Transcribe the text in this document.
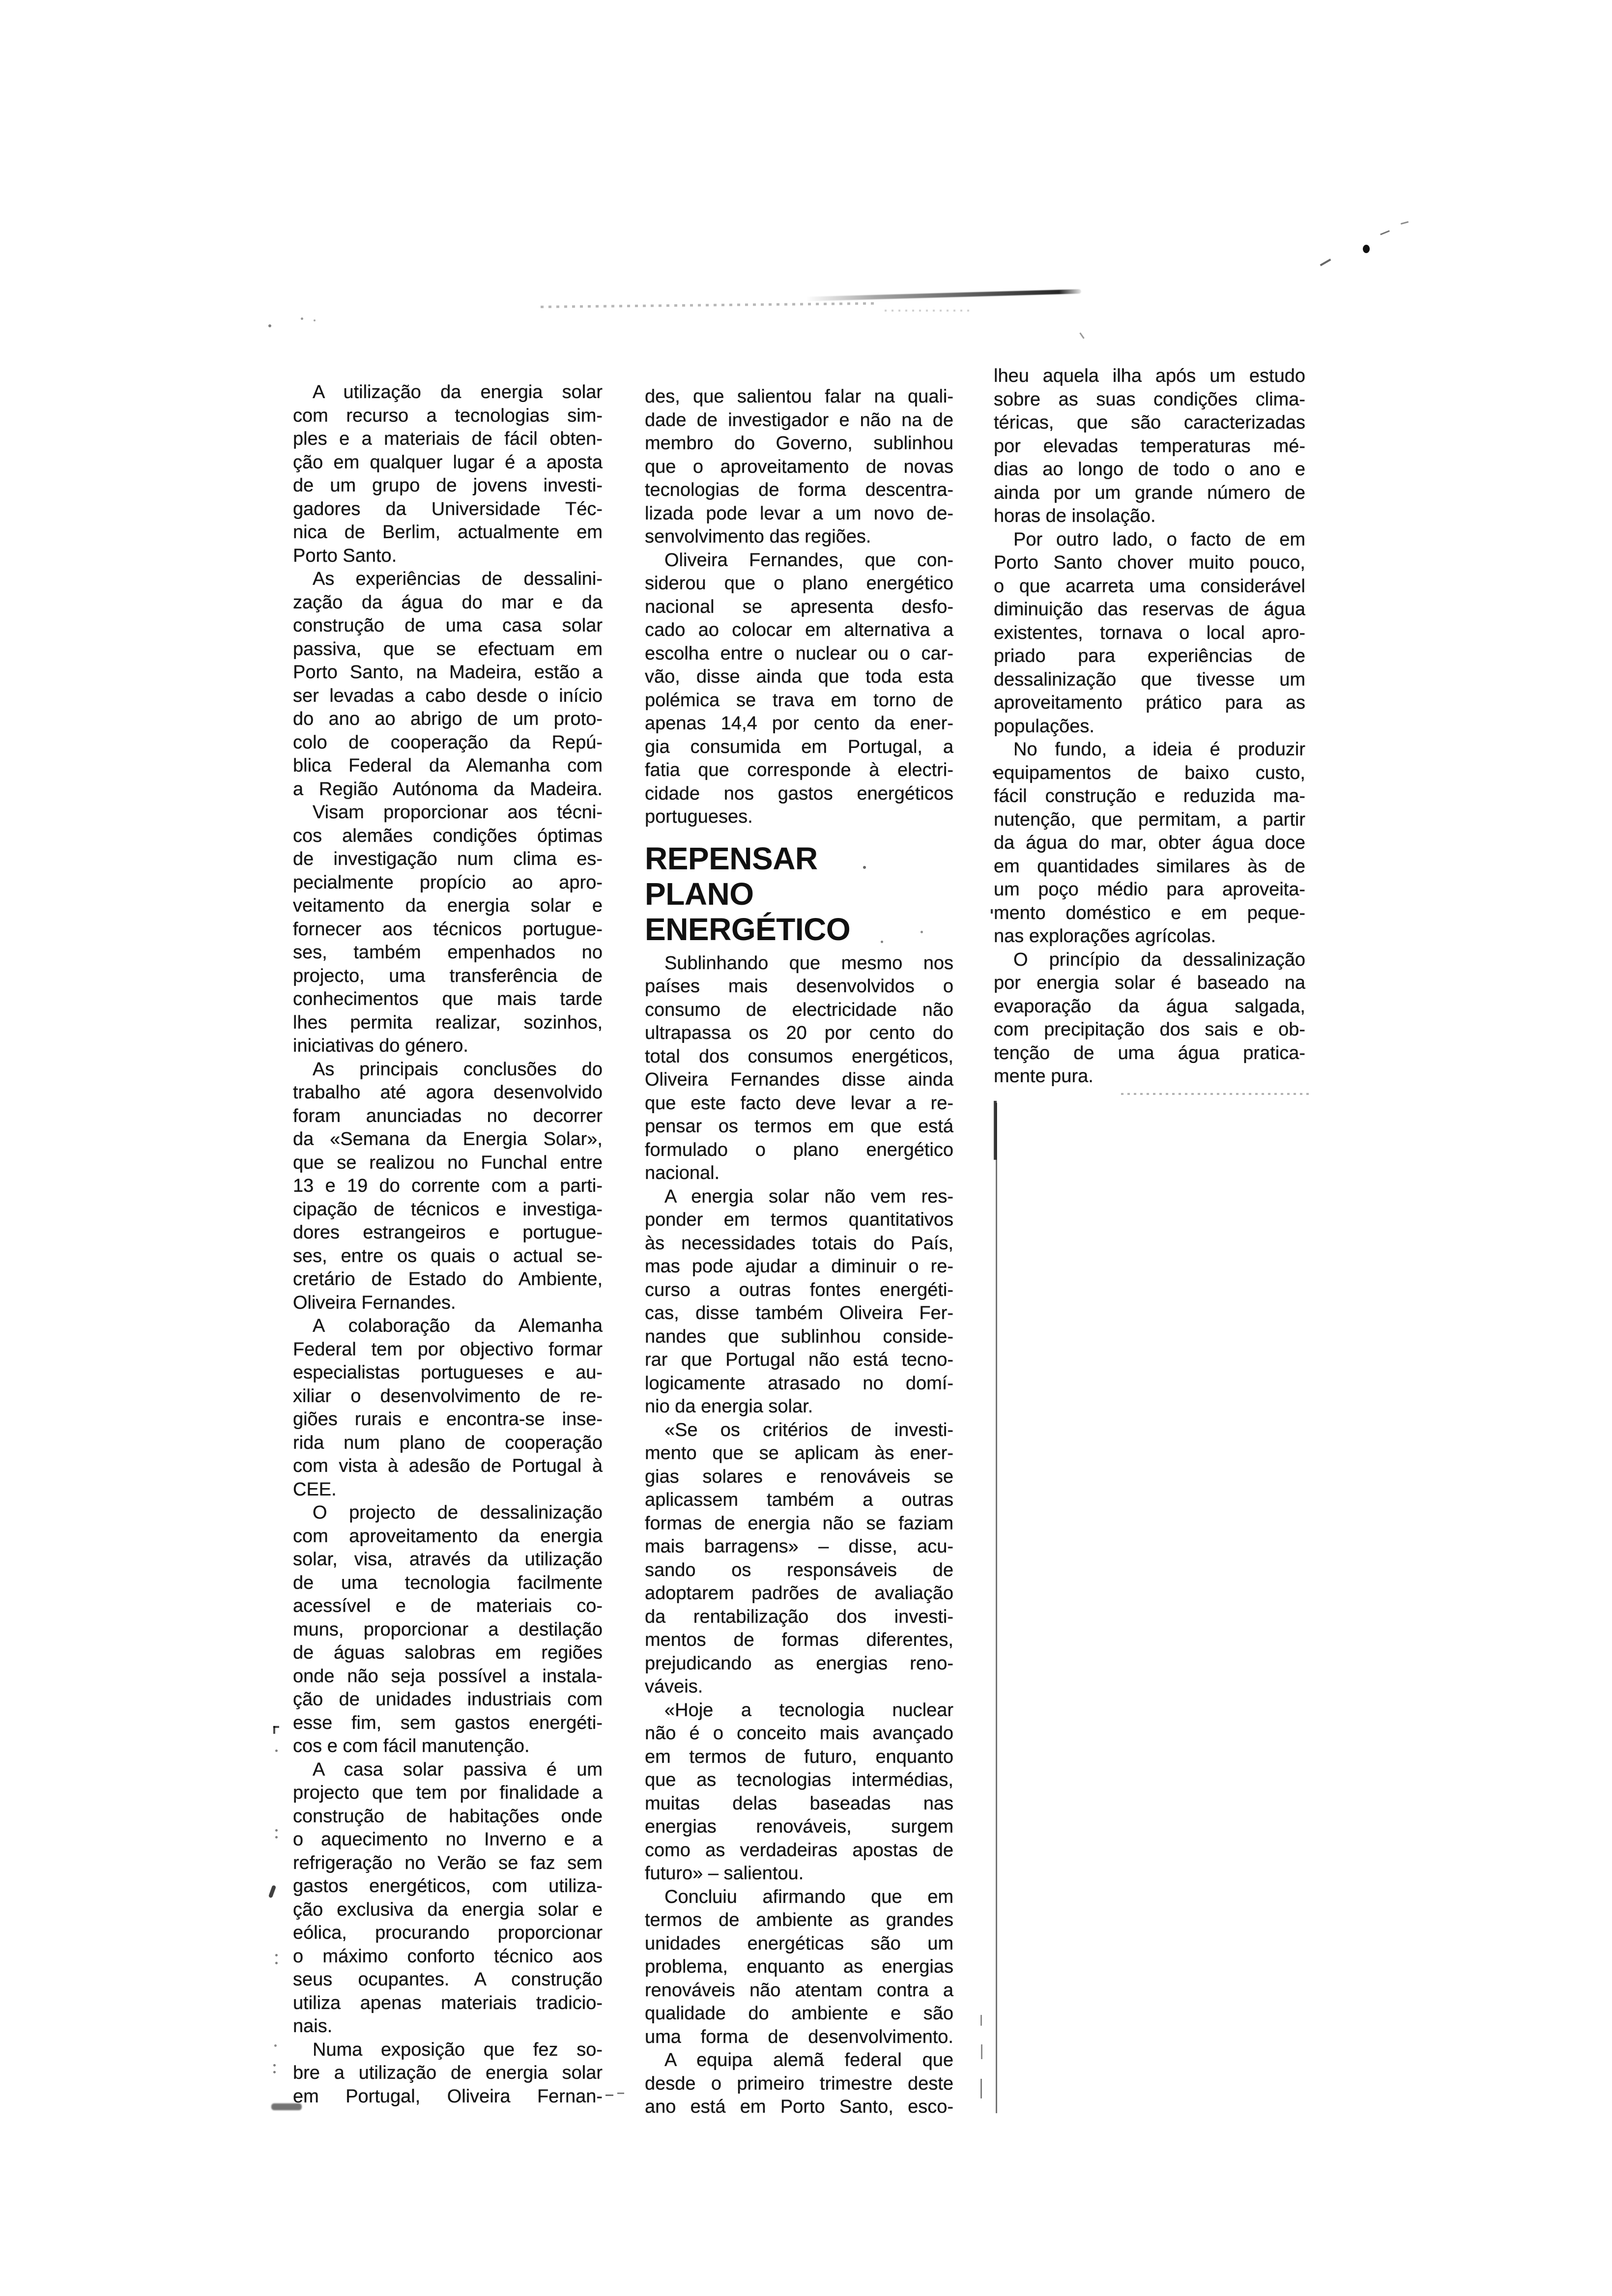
A utilização da energia solar
com recurso a tecnologias sim-
ples e a materiais de fácil obten-
ção em qualquer lugar é a aposta
de um grupo de jovens investi-
gadores da Universidade Téc-
nica de Berlim, actualmente em
Porto Santo.
As experiências de dessalini-
zação da água do mar e da
construção de uma casa solar
passiva, que se efectuam em
Porto Santo, na Madeira, estão a
ser levadas a cabo desde o início
do ano ao abrigo de um proto-
colo de cooperação da Repú-
blica Federal da Alemanha com
a Região Autónoma da Madeira.
Visam proporcionar aos técni-
cos alemães condições óptimas
de investigação num clima es-
pecialmente propício ao apro-
veitamento da energia solar e
fornecer aos técnicos portugue-
ses, também empenhados no
projecto, uma transferência de
conhecimentos que mais tarde
lhes permita realizar, sozinhos,
iniciativas do género.
As principais conclusões do
trabalho até agora desenvolvido
foram anunciadas no decorrer
da «Semana da Energia Solar»,
que se realizou no Funchal entre
13 e 19 do corrente com a parti-
cipação de técnicos e investiga-
dores estrangeiros e portugue-
ses, entre os quais o actual se-
cretário de Estado do Ambiente,
Oliveira Fernandes.
A colaboração da Alemanha
Federal tem por objectivo formar
especialistas portugueses e au-
xiliar o desenvolvimento de re-
giões rurais e encontra-se inse-
rida num plano de cooperação
com vista à adesão de Portugal à
CEE.
O projecto de dessalinização
com aproveitamento da energia
solar, visa, através da utilização
de uma tecnologia facilmente
acessível e de materiais co-
muns, proporcionar a destilação
de águas salobras em regiões
onde não seja possível a instala-
ção de unidades industriais com
esse fim, sem gastos energéti-
cos e com fácil manutenção.
A casa solar passiva é um
projecto que tem por finalidade a
construção de habitações onde
o aquecimento no Inverno e a
refrigeração no Verão se faz sem
gastos energéticos, com utiliza-
ção exclusiva da energia solar e
eólica, procurando proporcionar
o máximo conforto técnico aos
seus ocupantes. A construção
utiliza apenas materiais tradicio-
nais.
Numa exposição que fez so-
bre a utilização de energia solar
em Portugal, Oliveira Fernan-
des, que salientou falar na quali-
dade de investigador e não na de
membro do Governo, sublinhou
que o aproveitamento de novas
tecnologias de forma descentra-
lizada pode levar a um novo de-
senvolvimento das regiões.
Oliveira Fernandes, que con-
siderou que o plano energético
nacional se apresenta desfo-
cado ao colocar em alternativa a
escolha entre o nuclear ou o car-
vão, disse ainda que toda esta
polémica se trava em torno de
apenas 14,4 por cento da ener-
gia consumida em Portugal, a
fatia que corresponde à electri-
cidade nos gastos energéticos
portugueses.
REPENSAR
PLANO
ENERGÉTICO
Sublinhando que mesmo nos
países mais desenvolvidos o
consumo de electricidade não
ultrapassa os 20 por cento do
total dos consumos energéticos,
Oliveira Fernandes disse ainda
que este facto deve levar a re-
pensar os termos em que está
formulado o plano energético
nacional.
A energia solar não vem res-
ponder em termos quantitativos
às necessidades totais do País,
mas pode ajudar a diminuir o re-
curso a outras fontes energéti-
cas, disse também Oliveira Fer-
nandes que sublinhou conside-
rar que Portugal não está tecno-
logicamente atrasado no domí-
nio da energia solar.
«Se os critérios de investi-
mento que se aplicam às ener-
gias solares e renováveis se
aplicassem também a outras
formas de energia não se faziam
mais barragens» – disse, acu-
sando os responsáveis de
adoptarem padrões de avaliação
da rentabilização dos investi-
mentos de formas diferentes,
prejudicando as energias reno-
váveis.
«Hoje a tecnologia nuclear
não é o conceito mais avançado
em termos de futuro, enquanto
que as tecnologias intermédias,
muitas delas baseadas nas
energias renováveis, surgem
como as verdadeiras apostas de
futuro» – salientou.
Concluiu afirmando que em
termos de ambiente as grandes
unidades energéticas são um
problema, enquanto as energias
renováveis não atentam contra a
qualidade do ambiente e são
uma forma de desenvolvimento.
A equipa alemã federal que
desde o primeiro trimestre deste
ano está em Porto Santo, esco-
lheu aquela ilha após um estudo
sobre as suas condições clima-
téricas, que são caracterizadas
por elevadas temperaturas mé-
dias ao longo de todo o ano e
ainda por um grande número de
horas de insolação.
Por outro lado, o facto de em
Porto Santo chover muito pouco,
o que acarreta uma considerável
diminuição das reservas de água
existentes, tornava o local apro-
priado para experiências de
dessalinização que tivesse um
aproveitamento prático para as
populações.
No fundo, a ideia é produzir
equipamentos de baixo custo,
fácil construção e reduzida ma-
nutenção, que permitam, a partir
da água do mar, obter água doce
em quantidades similares às de
um poço médio para aproveita-
mento doméstico e em peque-
nas explorações agrícolas.
O princípio da dessalinização
por energia solar é baseado na
evaporação da água salgada,
com precipitação dos sais e ob-
tenção de uma água pratica-
mente pura.
